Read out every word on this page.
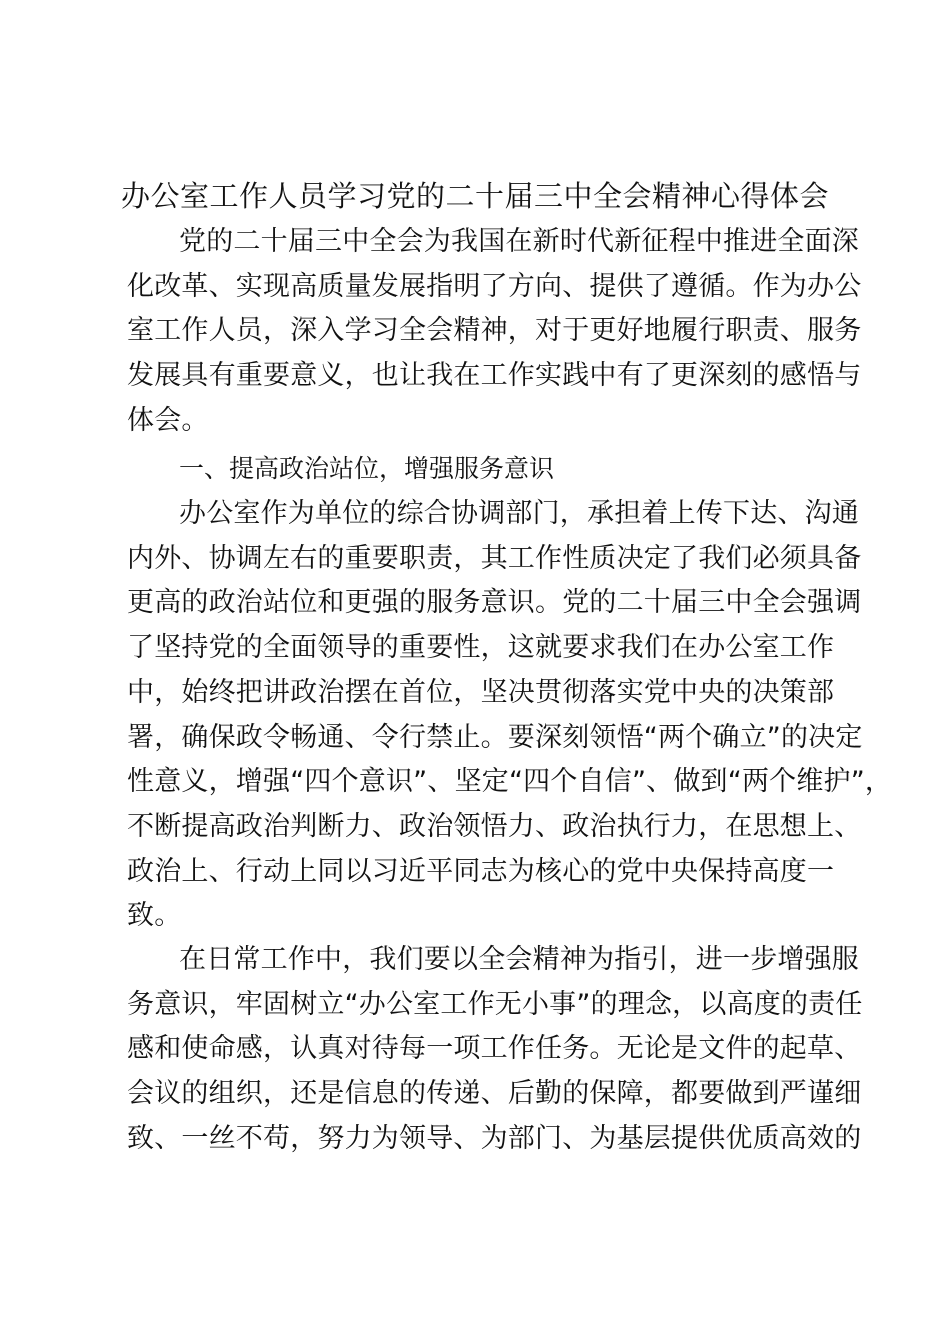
办公室工作人员学习党的二十届三中全会精神心得体会
党的二十届三中全会为我国在新时代新征程中推进全面深
化改革、实现高质量发展指明了方向、提供了遵循。作为办公
室工作人员，深入学习全会精神，对于更好地履行职责、服务
发展具有重要意义，也让我在工作实践中有了更深刻的感悟与
体会。
一、提高政治站位，增强服务意识
办公室作为单位的综合协调部门，承担着上传下达、沟通
内外、协调左右的重要职责，其工作性质决定了我们必须具备
更高的政治站位和更强的服务意识。党的二十届三中全会强调
了坚持党的全面领导的重要性，这就要求我们在办公室工作
中，始终把讲政治摆在首位，坚决贯彻落实党中央的决策部
署，确保政令畅通、令行禁止。要深刻领悟“两个确立”的决定
性意义，增强“四个意识”、坚定“四个自信”、做到“两个维护”，
不断提高政治判断力、政治领悟力、政治执行力，在思想上、
政治上、行动上同以习近平同志为核心的党中央保持高度一
致。
在日常工作中，我们要以全会精神为指引，进一步增强服
务意识，牢固树立“办公室工作无小事”的理念，以高度的责任
感和使命感，认真对待每一项工作任务。无论是文件的起草、
会议的组织，还是信息的传递、后勤的保障，都要做到严谨细
致、一丝不苟，努力为领导、为部门、为基层提供优质高效的
